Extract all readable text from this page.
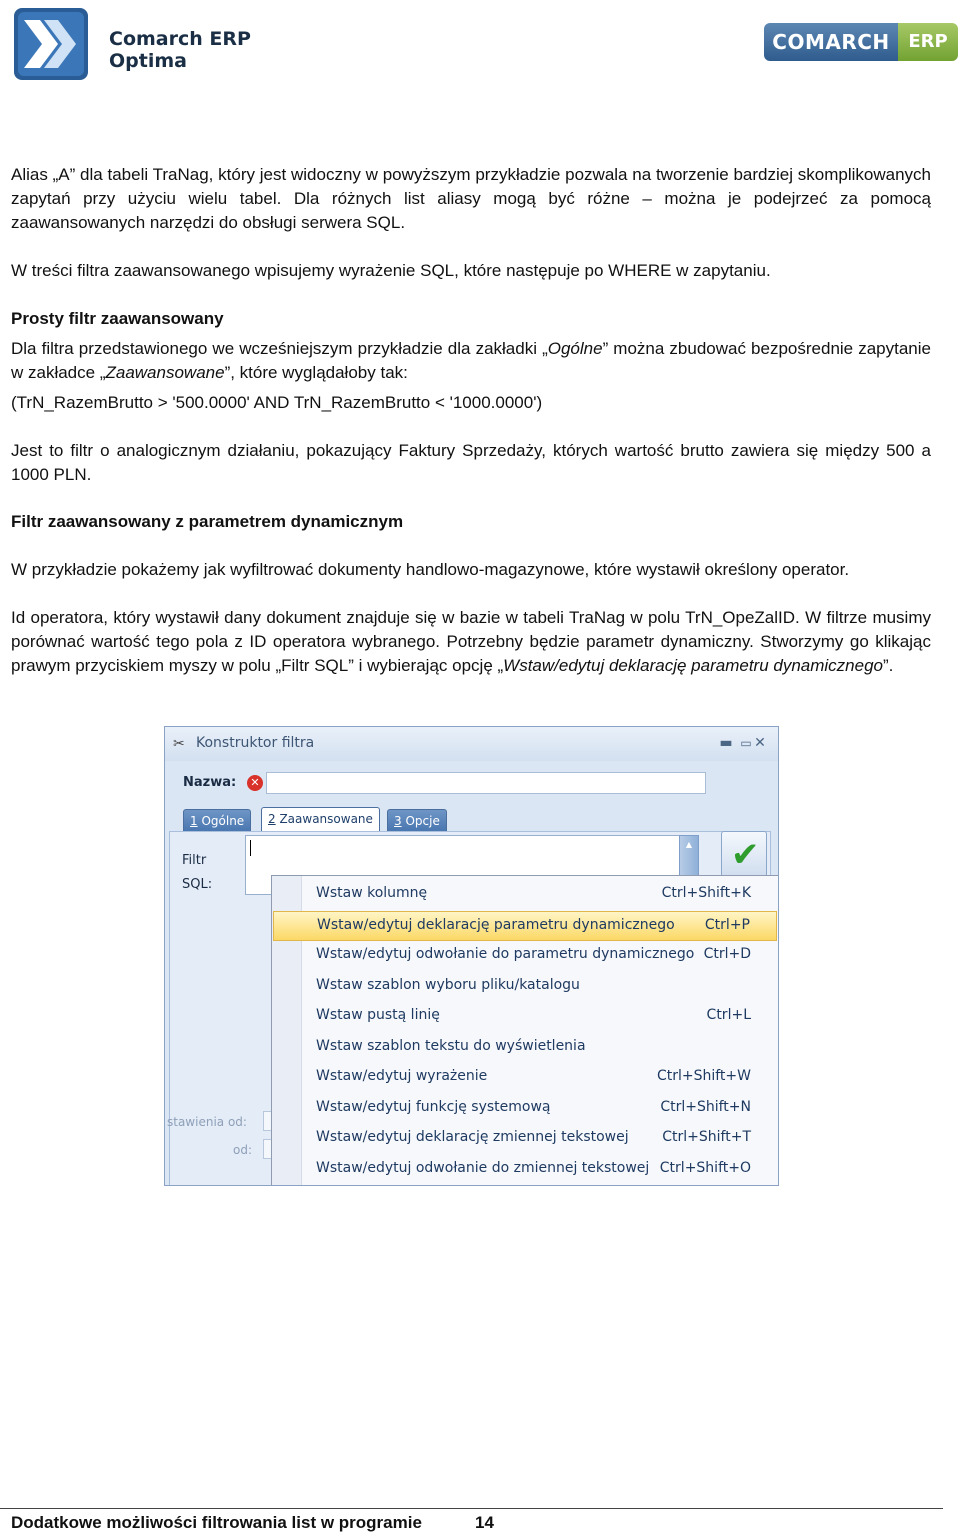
Comarch ERP
Optima
COMARCH	ERP

Alias „A” dla tabeli TraNag, który jest widoczny w powyższym przykładzie pozwala na tworzenie bardziej skomplikowanych zapytań przy użyciu wielu tabel. Dla różnych list aliasy mogą być różne – można je podejrzeć za pomocą zaawansowanych narzędzi do obsługi serwera SQL.

W treści filtra zaawansowanego wpisujemy wyrażenie SQL, które następuje po WHERE w zapytaniu.

Prosty filtr zaawansowany

Dla filtra przedstawionego we wcześniejszym przykładzie dla zakładki „Ogólne” można zbudować bezpośrednie zapytanie w zakładce „Zaawansowane”, które wyglądałoby tak:

(TrN_RazemBrutto > '500.0000' AND TrN_RazemBrutto < '1000.0000')

Jest to filtr o analogicznym działaniu, pokazujący Faktury Sprzedaży, których wartość brutto zawiera się między 500 a 1000 PLN.

Filtr zaawansowany z parametrem dynamicznym

W przykładzie pokażemy jak wyfiltrować dokumenty handlowo-magazynowe, które wystawił określony operator.

Id operatora, który wystawił dany dokument znajduje się w bazie w tabeli TraNag w polu TrN_OpeZalID. W filtrze musimy porównać wartość tego pola z ID operatora wybranego. Potrzebny będzie parametr dynamiczny. Stworzymy go klikając prawym przyciskiem myszy w polu „Filtr SQL” i wybierając opcję „Wstaw/edytuj deklarację parametru dynamicznego”.

✂ Konstruktor filtra	▬ ▭ ✕
Nazwa:	✕
1 Ogólne	2 Zaawansowane	3 Opcje
Filtr
SQL:
▲ ✔
stawienia od:
od:
Wstaw kolumnę	Ctrl+Shift+K
Wstaw/edytuj deklarację parametru dynamicznego Ctrl+P
Wstaw/edytuj odwołanie do parametru dynamicznego Ctrl+D
Wstaw szablon wyboru pliku/katalogu
Wstaw pustą linię	Ctrl+L
Wstaw szablon tekstu do wyświetlenia
Wstaw/edytuj wyrażenie	Ctrl+Shift+W
Wstaw/edytuj funkcję systemową	Ctrl+Shift+N
Wstaw/edytuj deklarację zmiennej tekstowej Ctrl+Shift+T
Wstaw/edytuj odwołanie do zmiennej tekstowej Ctrl+Shift+O
Dodatkowe możliwości filtrowania list w programie	14
